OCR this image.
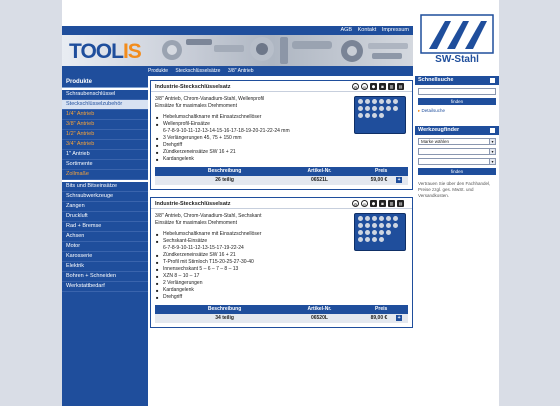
SW-Stahl
AGB Kontakt Impressum
TOOLIS
Produkte Steckschlüsselsätze 3/8" Antrieb
Produkte
Schraubenschlüssel
Steckschlüsselzubehör
1/4" Antrieb
3/8" Antrieb
1/2" Antrieb
3/4" Antrieb
1" Antrieb
Sortimente
Zollmaße
Bits und Bitseinsätze
Schraubwerkzeuge
Zangen
Druckluft
Rad + Bremse
Achsen
Motor
Karosserie
Elektrik
Bohren + Schneiden
Werkstattbedarf
Industrie-Steckschlüsselsatz	⚙	◎	⬢	◙	▥	▤
3/8" Antrieb, Chrom-Vanadium-Stahl, Wellenprofil
Einsätze für maximales Drehmoment
■ Hebelumschaltknarre mit Einsatzschnellöser
■ Wellenprofil-Einsätze
6-7-8-9-10-11-12-13-14-15-16-17-18-19-20-21-22-24 mm
■ 3 Verlängerungen 45, 75 + 150 mm
■ Drehgriff
■ Zündkerzeneinsätze SW 16 + 21
■ Kardangelenk
Beschreibung	Artikel-Nr.	Preis	
26 teilig	06521L	59,00 €	+
Industrie-Steckschlüsselsatz	⚙	◎	⬢	◙	▥	▤
3/8" Antrieb, Chrom-Vanadium-Stahl, Sechskant
Einsätze für maximales Drehmoment
■ Hebelumschaltknarre mit Einsatzschnellöser
■ Sechskant-Einsätze
6-7-8-9-10-11-12-13-15-17-19-22-24
■ Zündkerzeneinsätze SW 16 + 21
■ T-Profil mit Stirnloch T15-20-25-27-30-40
■ Innensechskant 5 – 6 – 7 – 8 – 13
■ XZN 8 – 10 – 17
■ 2 Verlängerungen
■ Kardangelenk
■ Drehgriff
Beschreibung	Artikel-Nr.	Preis	
34 teilig	06520L	89,00 €	+
Schnellsuche
finden
▸ Detailsuche
Werkzeugfinder
Marke wählen	▾
▾
▾
finden
Vertrauen Sie über den Fachhandel, Preise zzgl. ges. MwSt. und Versandkosten.
